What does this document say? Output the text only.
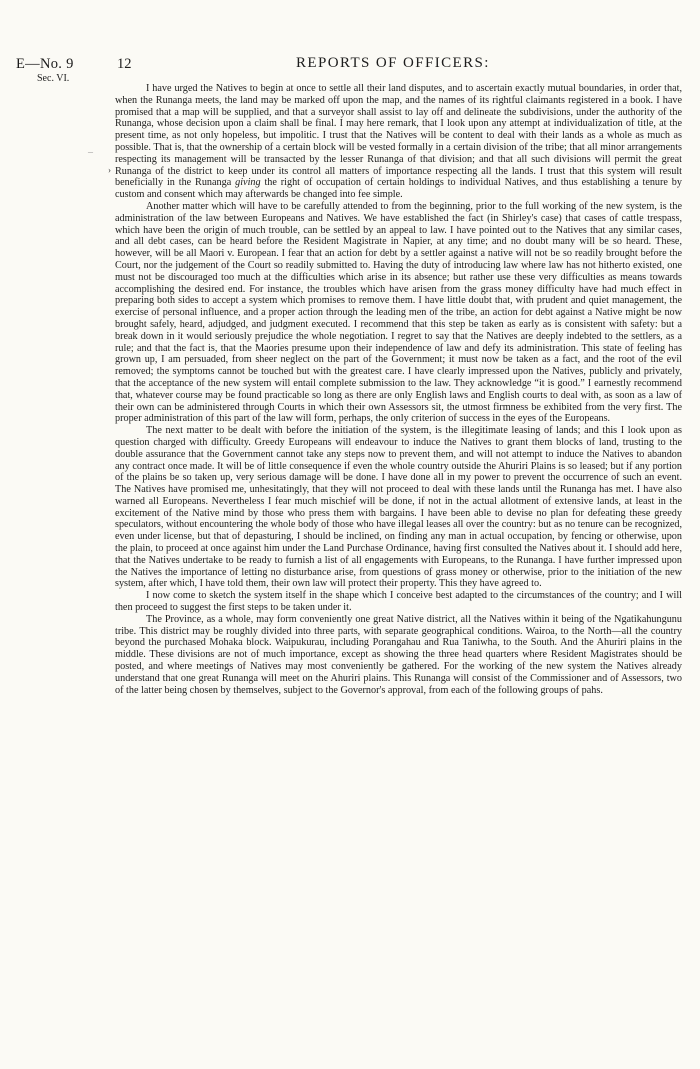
E—No. 9
Sec. VI.
12	REPORTS OF OFFICERS:
–
›

I have urged the Natives to begin at once to settle all their land disputes, and to ascertain exactly mutual boundaries, in order that, when the Runanga meets, the land may be marked off upon the map, and the names of its rightful claimants registered in a book. I have promised that a map will be supplied, and that a surveyor shall assist to lay off and delineate the subdivisions, under the authority of the Runanga, whose decision upon a claim shall be final. I may here remark, that I look upon any attempt at individualization of title, at the present time, as not only hopeless, but impolitic. I trust that the Natives will be content to deal with their lands as a whole as much as possible. That is, that the ownership of a certain block will be vested formally in a certain division of the tribe; that all minor arrangements respecting its management will be transacted by the lesser Runanga of that division; and that all such divisions will permit the great Runanga of the district to keep under its control all matters of importance respecting all the lands. I trust that this system will result beneficially in the Runanga giving the right of occupation of certain holdings to individual Natives, and thus establishing a tenure by custom and consent which may afterwards be changed into fee simple.

Another matter which will have to be carefully attended to from the beginning, prior to the full working of the new system, is the administration of the law between Europeans and Natives. We have established the fact (in Shirley's case) that cases of cattle trespass, which have been the origin of much trouble, can be settled by an appeal to law. I have pointed out to the Natives that any similar cases, and all debt cases, can be heard before the Resident Magistrate in Napier, at any time; and no doubt many will be so heard. These, however, will be all Maori v. European. I fear that an action for debt by a settler against a native will not be so readily brought before the Court, nor the judgement of the Court so readily submitted to. Having the duty of introducing law where law has not hitherto existed, one must not be discouraged too much at the difficulties which arise in its absence; but rather use these very difficulties as means towards accomplishing the desired end. For instance, the troubles which have arisen from the grass money difficulty have had much effect in preparing both sides to accept a system which promises to remove them. I have little doubt that, with prudent and quiet management, the exercise of personal influence, and a proper action through the leading men of the tribe, an action for debt against a Native might be now brought safely, heard, adjudged, and judgment executed. I recommend that this step be taken as early as is consistent with safety: but a break down in it would seriously prejudice the whole negotiation. I regret to say that the Natives are deeply indebted to the settlers, as a rule; and that the fact is, that the Maories presume upon their independence of law and defy its administration. This state of feeling has grown up, I am persuaded, from sheer neglect on the part of the Government; it must now be taken as a fact, and the root of the evil removed; the symptoms cannot be touched but with the greatest care. I have clearly impressed upon the Natives, publicly and privately, that the acceptance of the new system will entail complete submission to the law. They acknowledge “it is good.” I earnestly recommend that, whatever course may be found practicable so long as there are only English laws and English courts to deal with, as soon as a law of their own can be administered through Courts in which their own Assessors sit, the utmost firmness be exhibited from the very first. The proper administration of this part of the law will form, perhaps, the only criterion of success in the eyes of the Europeans.

The next matter to be dealt with before the initiation of the system, is the illegitimate leasing of lands; and this I look upon as question charged with difficulty. Greedy Europeans will endeavour to induce the Natives to grant them blocks of land, trusting to the double assurance that the Government cannot take any steps now to prevent them, and will not attempt to induce the Natives to abandon any contract once made. It will be of little consequence if even the whole country outside the Ahuriri Plains is so leased; but if any portion of the plains be so taken up, very serious damage will be done. I have done all in my power to prevent the occurrence of such an event. The Natives have promised me, unhesitatingly, that they will not proceed to deal with these lands until the Runanga has met. I have also warned all Europeans. Nevertheless I fear much mischief will be done, if not in the actual allotment of extensive lands, at least in the excitement of the Native mind by those who press them with bargains. I have been able to devise no plan for defeating these greedy speculators, without encountering the whole body of those who have illegal leases all over the country: but as no tenure can be recognized, even under license, but that of depasturing, I should be inclined, on finding any man in actual occupation, by fencing or otherwise, upon the plain, to proceed at once against him under the Land Purchase Ordinance, having first consulted the Natives about it. I should add here, that the Natives undertake to be ready to furnish a list of all engagements with Europeans, to the Runanga. I have further impressed upon the Natives the importance of letting no disturbance arise, from questions of grass money or otherwise, prior to the initiation of the new system, after which, I have told them, their own law will protect their property. This they have agreed to.

I now come to sketch the system itself in the shape which I conceive best adapted to the circumstances of the country; and I will then proceed to suggest the first steps to be taken under it.

The Province, as a whole, may form conveniently one great Native district, all the Natives within it being of the Ngatikahungunu tribe. This district may be roughly divided into three parts, with separate geographical conditions. Wairoa, to the North—all the country beyond the purchased Mohaka block. Waipukurau, including Porangahau and Rua Taniwha, to the South. And the Ahuriri plains in the middle. These divisions are not of much importance, except as showing the three head quarters where Resident Magistrates should be posted, and where meetings of Natives may most conveniently be gathered. For the working of the new system the Natives already understand that one great Runanga will meet on the Ahuriri plains. This Runanga will consist of the Commissioner and of Assessors, two of the latter being chosen by themselves, subject to the Governor's approval, from each of the following groups of pahs.
